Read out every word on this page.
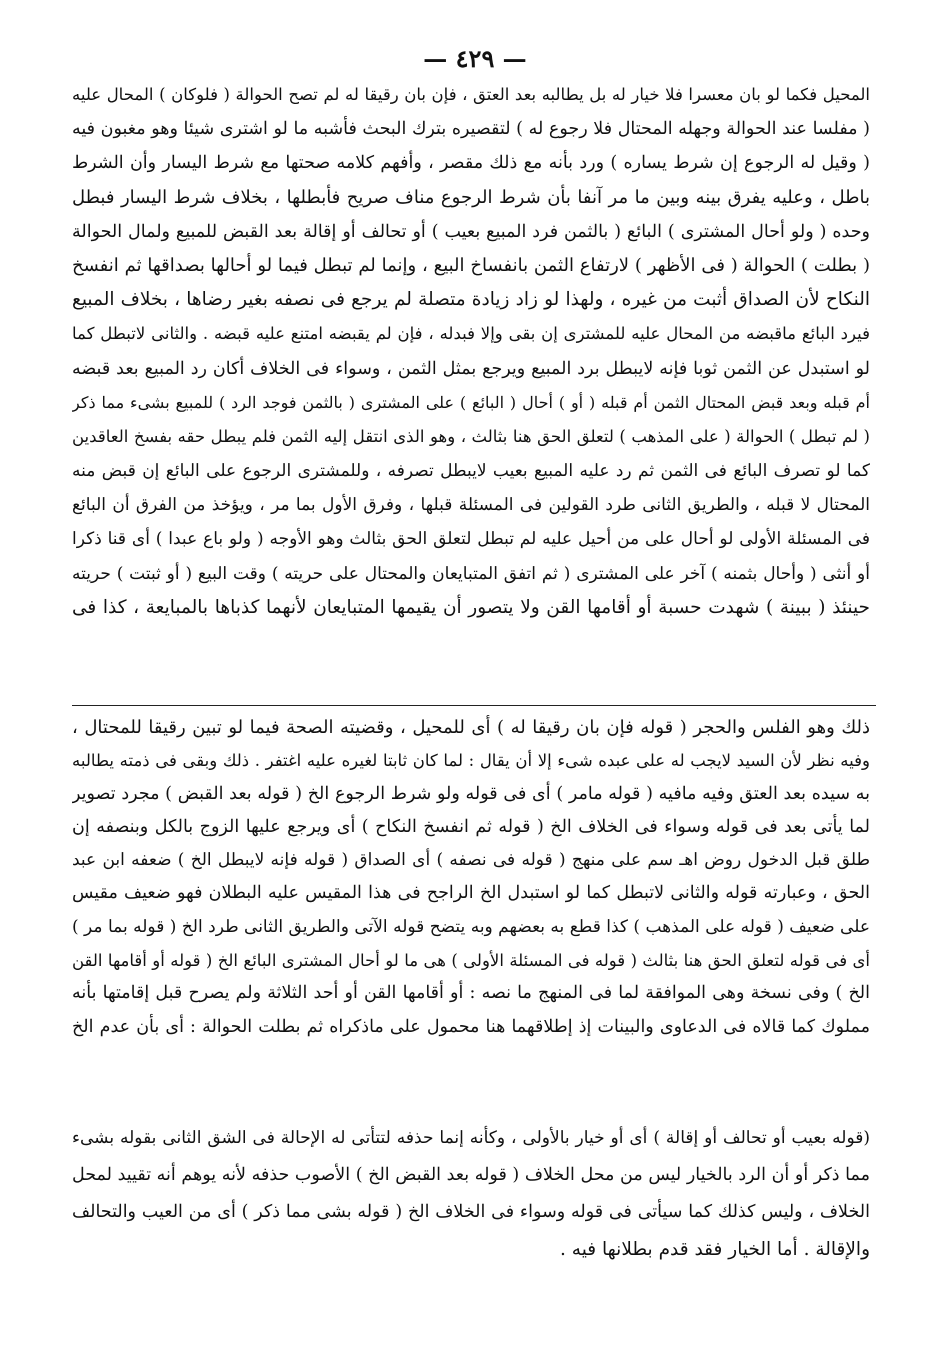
— ٤٢٩ —
المحيل فكما لو بان معسرا فلا خيار له بل يطالبه بعد العتق ، فإن بان رقيقا له لم تصح الحوالة ( فلوكان ) المحال عليه
( مفلسا عند الحوالة وجهله المحتال فلا رجوع له ) لتقصيره بترك البحث فأشبه ما لو اشترى شيئا وهو مغبون فيه
( وقيل له الرجوع إن شرط يساره ) ورد بأنه مع ذلك مقصر ، وأفهم كلامه صحتها مع شرط اليسار وأن الشرط
باطل ، وعليه يفرق بينه وبين ما مر آنفا بأن شرط الرجوع مناف صريح فأبطلها ، بخلاف شرط اليسار فبطل
وحده ( ولو أحال المشترى ) البائع ( بالثمن فرد المبيع بعيب ) أو تحالف أو إقالة بعد القبض للمبيع ولمال الحوالة
( بطلت ) الحوالة ( فى الأظهر ) لارتفاع الثمن بانفساخ البيع ، وإنما لم تبطل فيما لو أحالها بصداقها ثم انفسخ
النكاح لأن الصداق أثبت من غيره ، ولهذا لو زاد زيادة متصلة لم يرجع فى نصفه بغير رضاها ، بخلاف المبيع
فيرد البائع ماقبضه من المحال عليه للمشترى إن بقى وإلا فبدله ، فإن لم يقبضه امتنع عليه قبضه . والثانى لاتبطل كما
لو استبدل عن الثمن ثوبا فإنه لايبطل برد المبيع ويرجع بمثل الثمن ، وسواء فى الخلاف أكان رد المبيع بعد قبضه
أم قبله وبعد قبض المحتال الثمن أم قبله ( أو ) أحال ( البائع ) على المشترى ( بالثمن فوجد الرد ) للمبيع بشىء مما ذكر
( لم تبطل ) الحوالة ( على المذهب ) لتعلق الحق هنا بثالث ، وهو الذى انتقل إليه الثمن فلم يبطل حقه بفسخ العاقدين
كما لو تصرف البائع فى الثمن ثم رد عليه المبيع بعيب لايبطل تصرفه ، وللمشترى الرجوع على البائع إن قبض منه
المحتال لا قبله ، والطريق الثانى طرد القولين فى المسئلة قبلها ، وفرق الأول بما مر ، ويؤخذ من الفرق أن البائع
فى المسئلة الأولى لو أحال على من أحيل عليه لم تبطل لتعلق الحق بثالث وهو الأوجه ( ولو باع عبدا ) أى قنا ذكرا
أو أنثى ( وأحال بثمنه ) آخر على المشترى ( ثم اتفق المتبايعان والمحتال على حريته ) وقت البيع ( أو ثبتت ) حريته
حينئذ ( ببينة ) شهدت حسبة أو أقامها القن ولا يتصور أن يقيمها المتبايعان لأنهما كذباها بالمبايعة ، كذا فى
ذلك وهو الفلس والحجر ( قوله فإن بان رقيقا له ) أى للمحيل ، وقضيته الصحة فيما لو تبين رقيقا للمحتال ،
وفيه نظر لأن السيد لايجب له على عبده شىء إلا أن يقال : لما كان ثابتا لغيره عليه اغتفر . ذلك وبقى فى ذمته يطالبه
به سيده بعد العتق وفيه مافيه ( قوله مامر ) أى فى قوله ولو شرط الرجوع الخ ( قوله بعد القبض ) مجرد تصوير
لما يأتى بعد فى قوله وسواء فى الخلاف الخ ( قوله ثم انفسخ النكاح ) أى ويرجع عليها الزوج بالكل وبنصفه إن
طلق قبل الدخول روض اهـ سم على منهج ( قوله فى نصفه ) أى الصداق ( قوله فإنه لايبطل الخ ) ضعفه ابن عبد
الحق ، وعبارته قوله والثانى لاتبطل كما لو استبدل الخ الراجح فى هذا المقيس عليه البطلان فهو ضعيف مقيس
على ضعيف ( قوله على المذهب ) كذا قطع به بعضهم وبه يتضح قوله الآتى والطريق الثانى طرد الخ ( قوله بما مر )
أى فى قوله لتعلق الحق هنا بثالث ( قوله فى المسئلة الأولى ) هى ما لو أحال المشترى البائع الخ ( قوله أو أقامها القن
الخ ) وفى نسخة وهى الموافقة لما فى المنهج ما نصه : أو أقامها القن أو أحد الثلاثة ولم يصرح قبل إقامتها بأنه
مملوك كما قالاه فى الدعاوى والبينات إذ إطلاقهما هنا محمول على ماذكراه ثم بطلت الحوالة : أى بأن عدم الخ
(قوله بعيب أو تحالف أو إقالة ) أى أو خيار بالأولى ، وكأنه إنما حذفه لتتأتى له الإحالة فى الشق الثانى بقوله بشىء
مما ذكر أو أن الرد بالخيار ليس من محل الخلاف ( قوله بعد القبض الخ ) الأصوب حذفه لأنه يوهم أنه تقييد لمحل
الخلاف ، وليس كذلك كما سيأتى فى قوله وسواء فى الخلاف الخ ( قوله بشى مما ذكر ) أى من العيب والتحالف
والإقالة . أما الخيار فقد قدم بطلانها فيه .
